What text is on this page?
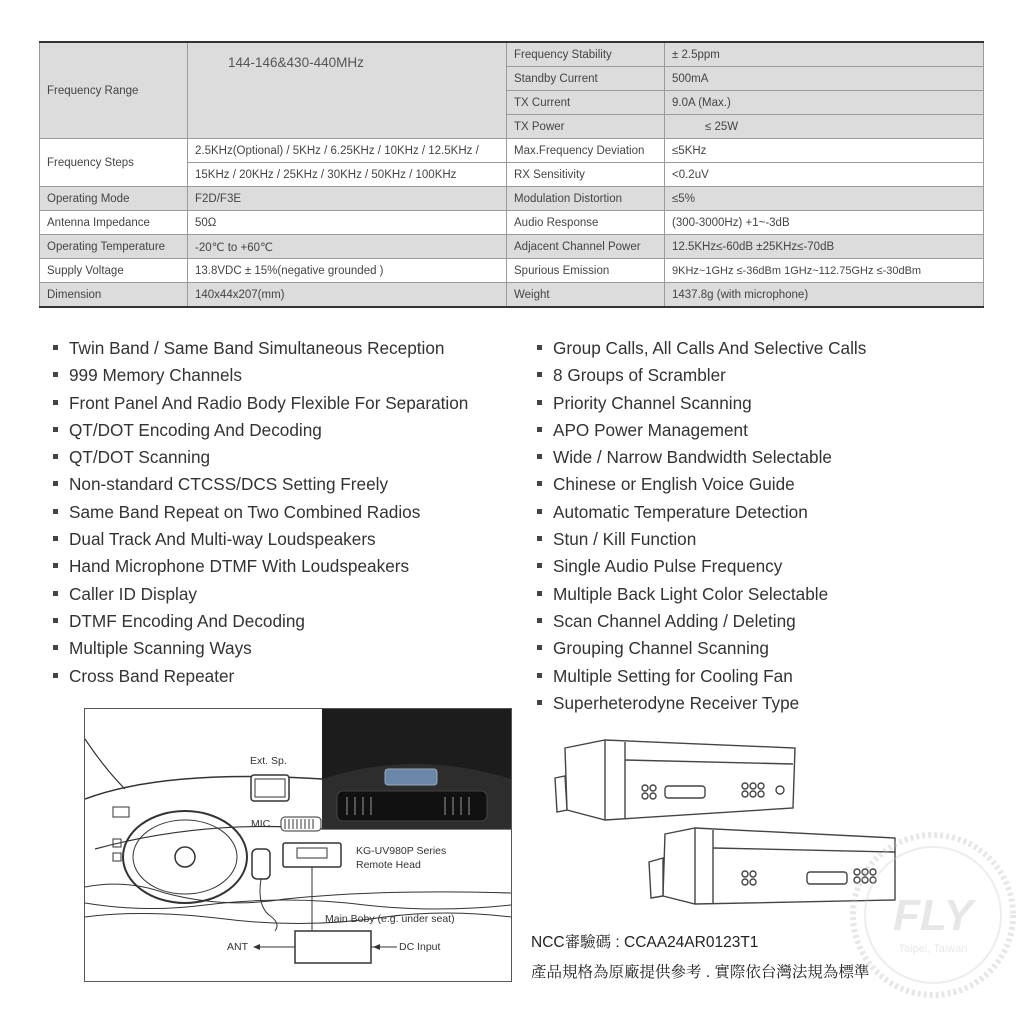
Frequency Range	144-146&430-440MHz	Frequency Stability	± 2.5ppm
		Standby Current	500mA
		TX Current	9.0A (Max.)
		TX Power	≤ 25W
Frequency Steps	2.5KHz(Optional) / 5KHz / 6.25KHz / 10KHz / 12.5KHz /	Max.Frequency Deviation	≤5KHz
	15KHz / 20KHz / 25KHz / 30KHz / 50KHz / 100KHz	RX Sensitivity	<0.2uV
Operating Mode	F2D/F3E	Modulation Distortion	≤5%
Antenna Impedance	50Ω	Audio Response	(300-3000Hz) +1~-3dB
Operating Temperature	-20℃ to +60℃	Adjacent Channel Power	12.5KHz≤-60dB ±25KHz≤-70dB
Supply Voltage	13.8VDC ± 15%(negative grounded )	Spurious Emission	9KHz~1GHz ≤-36dBm 1GHz~112.75GHz ≤-30dBm
Dimension	140x44x207(mm)	Weight	1437.8g (with microphone)
Twin Band / Same Band Simultaneous Reception
999 Memory Channels
Front Panel And Radio Body Flexible For Separation
QT/DOT Encoding And Decoding
QT/DOT Scanning
Non-standard CTCSS/DCS Setting Freely
Same Band Repeat on Two Combined Radios
Dual Track And Multi-way Loudspeakers
Hand Microphone DTMF With Loudspeakers
Caller ID Display
DTMF Encoding And Decoding
Multiple Scanning Ways
Cross Band Repeater
Group Calls, All Calls And Selective Calls
8 Groups of Scrambler
Priority Channel Scanning
APO Power Management
Wide / Narrow Bandwidth Selectable
Chinese or English Voice Guide
Automatic Temperature Detection
Stun / Kill Function
Single Audio Pulse Frequency
Multiple Back Light Color Selectable
Scan Channel Adding / Deleting
Grouping Channel Scanning
Multiple Setting for Cooling Fan
Superheterodyne Receiver Type
Ext. Sp.
MIC
KG-UV980P Series
Remote Head
Main Boby (e.g. under seat)
ANT	DC Input	NCC審驗碼 : CCAA24AR0123T1
產品規格為原廠提供參考 . 實際依台灣法規為標準
FLY
Taipei, Taiwan
